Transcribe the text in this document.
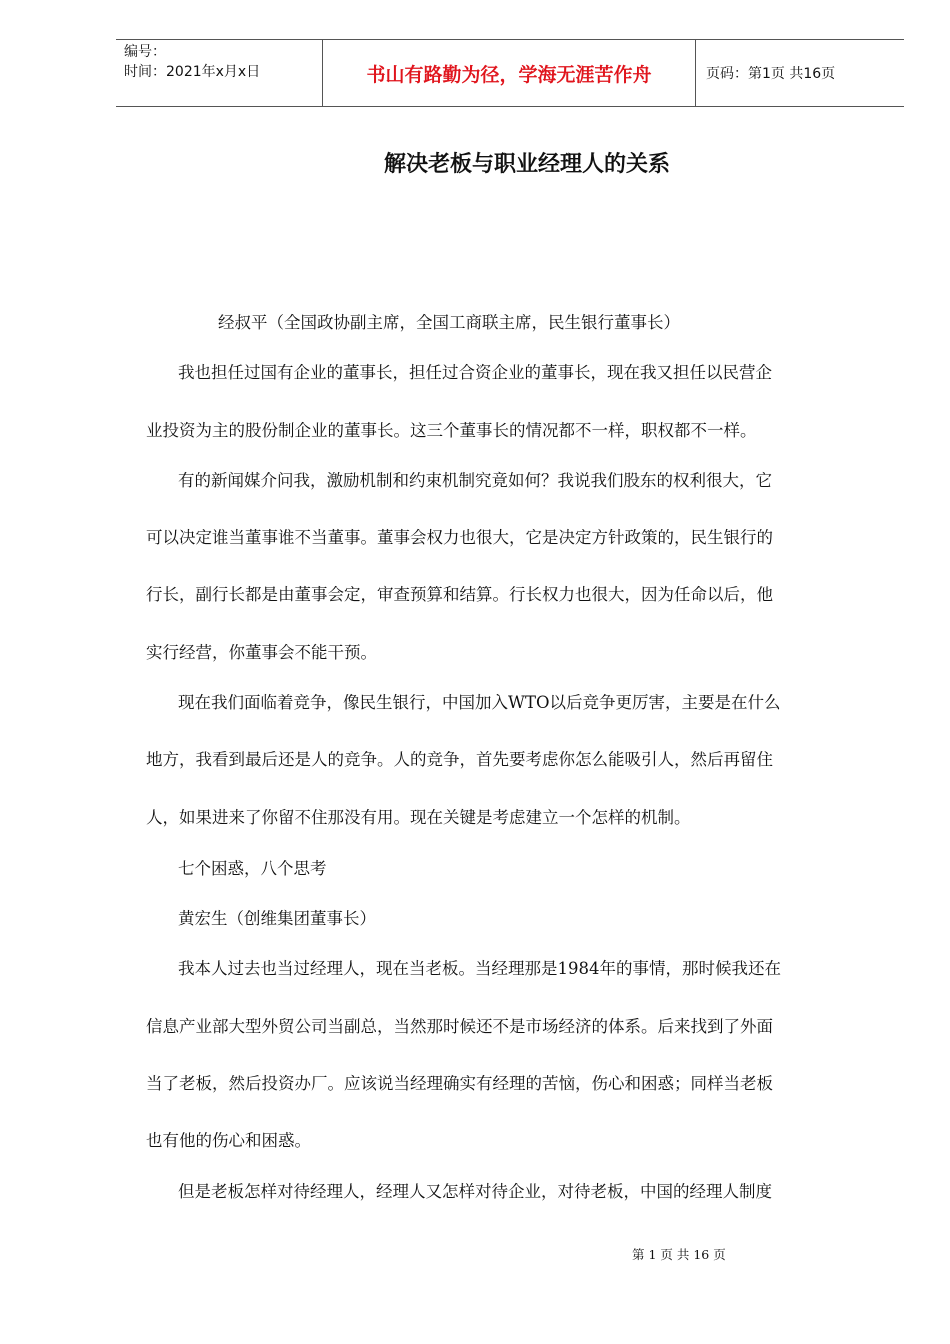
编号：
时间：2021年x月x日	书山有路勤为径，学海无涯苦作舟	页码：第1页 共16页
解决老板与职业经理人的关系

经叔平（全国政协副主席，全国工商联主席，民生银行董事长）

我也担任过国有企业的董事长，担任过合资企业的董事长，现在我又担任以民营企

业投资为主的股份制企业的董事长。这三个董事长的情况都不一样，职权都不一样。

有的新闻媒介问我，激励机制和约束机制究竟如何？我说我们股东的权利很大，它

可以决定谁当董事谁不当董事。董事会权力也很大，它是决定方针政策的，民生银行的

行长，副行长都是由董事会定，审查预算和结算。行长权力也很大，因为任命以后，他

实行经营，你董事会不能干预。

现在我们面临着竞争，像民生银行，中国加入WTO以后竞争更厉害，主要是在什么

地方，我看到最后还是人的竞争。人的竞争，首先要考虑你怎么能吸引人，然后再留住

人，如果进来了你留不住那没有用。现在关键是考虑建立一个怎样的机制。

七个困惑，八个思考

黄宏生（创维集团董事长）

我本人过去也当过经理人，现在当老板。当经理那是1984年的事情，那时候我还在

信息产业部大型外贸公司当副总，当然那时候还不是市场经济的体系。后来找到了外面

当了老板，然后投资办厂。应该说当经理确实有经理的苦恼，伤心和困惑；同样当老板

也有他的伤心和困惑。

但是老板怎样对待经理人，经理人又怎样对待企业，对待老板，中国的经理人制度

第 1 页 共 16 页
